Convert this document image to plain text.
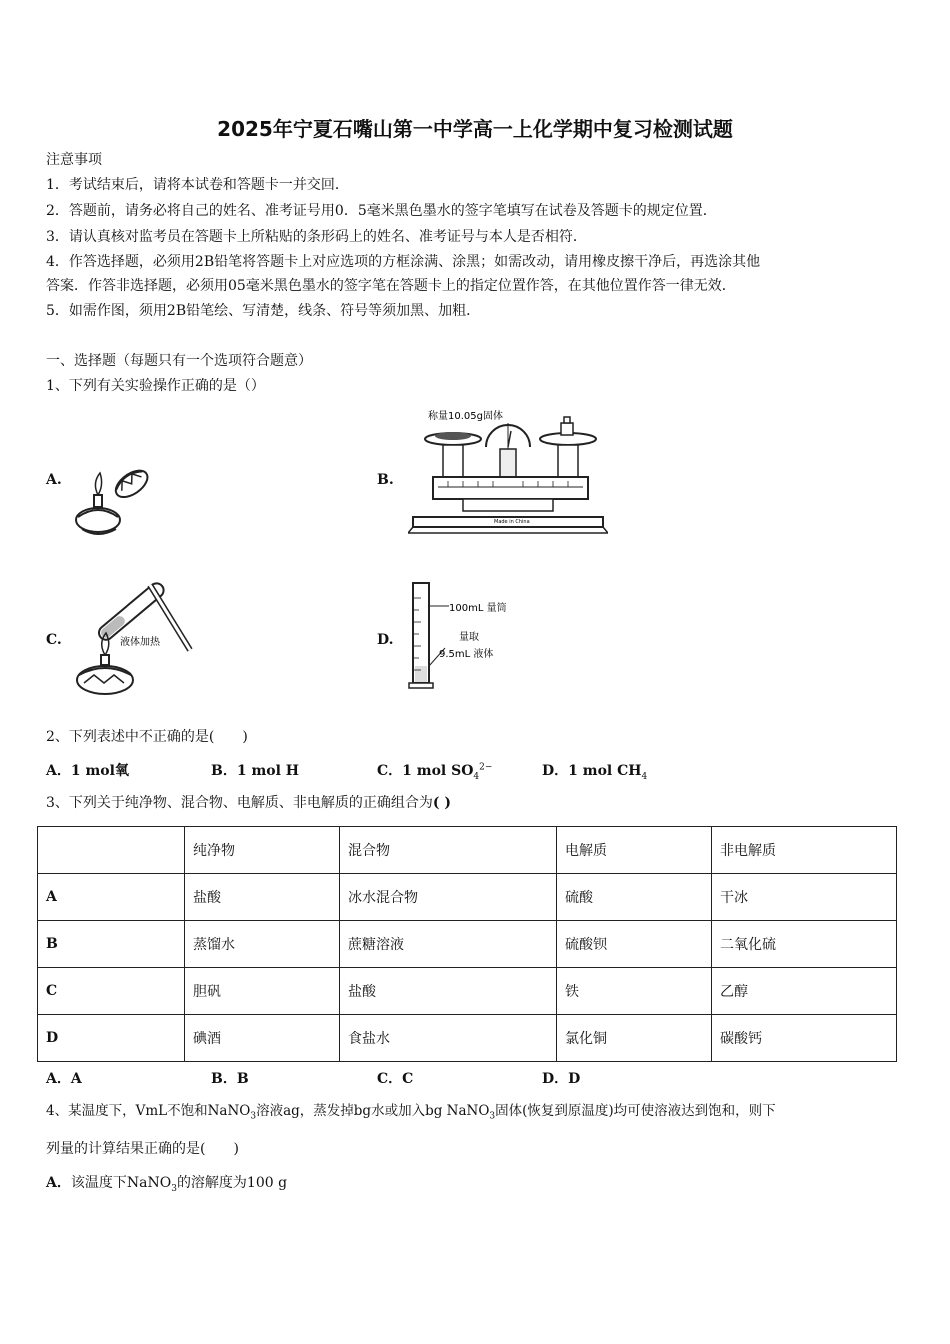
2025年宁夏石嘴山第一中学高一上化学期中复习检测试题
注意事项
1．考试结束后，请将本试卷和答题卡一并交回．
2．答题前，请务必将自己的姓名、准考证号用0．5毫米黑色墨水的签字笔填写在试卷及答题卡的规定位置．
3．请认真核对监考员在答题卡上所粘贴的条形码上的姓名、准考证号与本人是否相符．
4．作答选择题，必须用2B铅笔将答题卡上对应选项的方框涂满、涂黑；如需改动，请用橡皮擦干净后，再选涂其他
答案．作答非选择题，必须用05毫米黑色墨水的签字笔在答题卡上的指定位置作答，在其他位置作答一律无效．
5．如需作图，须用2B铅笔绘、写清楚，线条、符号等须加黑、加粗．
一、选择题（每题只有一个选项符合题意）
1、下列有关实验操作正确的是（）
A.	B.
C.	D.
称量10.05g固体
Made in China
液体加热
100mL 量筒
量取
9.5mL 液体
2、下列表述中不正确的是(　　)
A．1 mol氧	B．1 mol H	C．1 mol $SO_4^{2-}$	D．1 mol $CH_4$
3、下列关于纯净物、混合物、电解质、非电解质的正确组合为( )
	纯净物	混合物	电解质	非电解质
A	盐酸	冰水混合物	硫酸	干冰
B	蒸馏水	蔗糖溶液	硫酸钡	二氧化硫
C	胆矾	盐酸	铁	乙醇
D	碘酒	食盐水	氯化铜	碳酸钙
A．A	B．B	C．C	D．D
4、某温度下，VmL不饱和NaNO$_3$溶液ag，蒸发掉bg水或加入bg NaNO$_3$固体(恢复到原温度)均可使溶液达到饱和，则下
列量的计算结果正确的是(　　)
A．该温度下NaNO$_3$的溶解度为100 g
